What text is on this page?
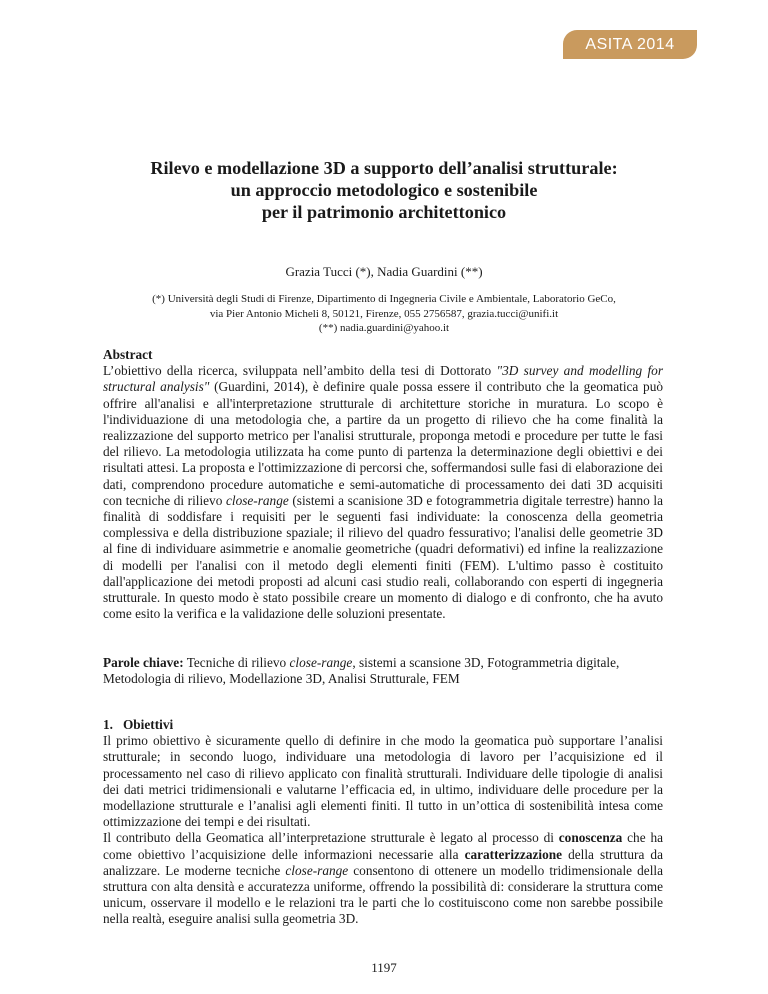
ASITA 2014
Rilevo e modellazione 3D a supporto dell’analisi strutturale:
un approccio metodologico e sostenibile
per il patrimonio architettonico
Grazia Tucci (*), Nadia Guardini (**)
(*) Università degli Studi di Firenze, Dipartimento di Ingegneria Civile e Ambientale, Laboratorio GeCo,
via Pier Antonio Micheli 8, 50121, Firenze, 055 2756587, grazia.tucci@unifi.it
(**) nadia.guardini@yahoo.it
Abstract

L’obiettivo della ricerca, sviluppata nell’ambito della tesi di Dottorato "3D survey and modelling for structural analysis" (Guardini, 2014), è definire quale possa essere il contributo che la geomatica può offrire all'analisi e all'interpretazione strutturale di architetture storiche in muratura. Lo scopo è l'individuazione di una metodologia che, a partire da un progetto di rilievo che ha come finalità la realizzazione del supporto metrico per l'analisi strutturale, proponga metodi e procedure per tutte le fasi del rilievo. La metodologia utilizzata ha come punto di partenza la determinazione degli obiettivi e dei risultati attesi. La proposta e l'ottimizzazione di percorsi che, soffermandosi sulle fasi di elaborazione dei dati, comprendono procedure automatiche e semi-automatiche di processamento dei dati 3D acquisiti con tecniche di rilievo close-range (sistemi a scanisione 3D e fotogrammetria digitale terrestre) hanno la finalità di soddisfare i requisiti per le seguenti fasi individuate: la conoscenza della geometria complessiva e della distribuzione spaziale; il rilievo del quadro fessurativo; l'analisi delle geometrie 3D al fine di individuare asimmetrie e anomalie geometriche (quadri deformativi) ed infine la realizzazione di modelli per l'analisi con il metodo degli elementi finiti (FEM). L'ultimo passo è costituito dall'applicazione dei metodi proposti ad alcuni casi studio reali, collaborando con esperti di ingegneria strutturale. In questo modo è stato possibile creare un momento di dialogo e di confronto, che ha avuto come esito la verifica e la validazione delle soluzioni presentate.

Parole chiave: Tecniche di rilievo close-range, sistemi a scansione 3D, Fotogrammetria digitale, Metodologia di rilievo, Modellazione 3D, Analisi Strutturale, FEM

1.   Obiettivi

Il primo obiettivo è sicuramente quello di definire in che modo la geomatica può supportare l’analisi strutturale; in secondo luogo, individuare una metodologia di lavoro per l’acquisizione ed il processamento nel caso di rilievo applicato con finalità strutturali. Individuare delle tipologie di analisi dei dati metrici tridimensionali e valutarne l’efficacia ed, in ultimo, individuare delle procedure per la modellazione strutturale e l’analisi agli elementi finiti. Il tutto in un’ottica di sostenibilità intesa come ottimizzazione dei tempi e dei risultati.

Il contributo della Geomatica all’interpretazione strutturale è legato al processo di conoscenza che ha come obiettivo l’acquisizione delle informazioni necessarie alla caratterizzazione della struttura da analizzare. Le moderne tecniche close-range consentono di ottenere un modello tridimensionale della struttura con alta densità e accuratezza uniforme, offrendo la possibilità di: considerare la struttura come unicum, osservare il modello e le relazioni tra le parti che lo costituiscono come non sarebbe possibile nella realtà, eseguire analisi sulla geometria 3D.

1197
